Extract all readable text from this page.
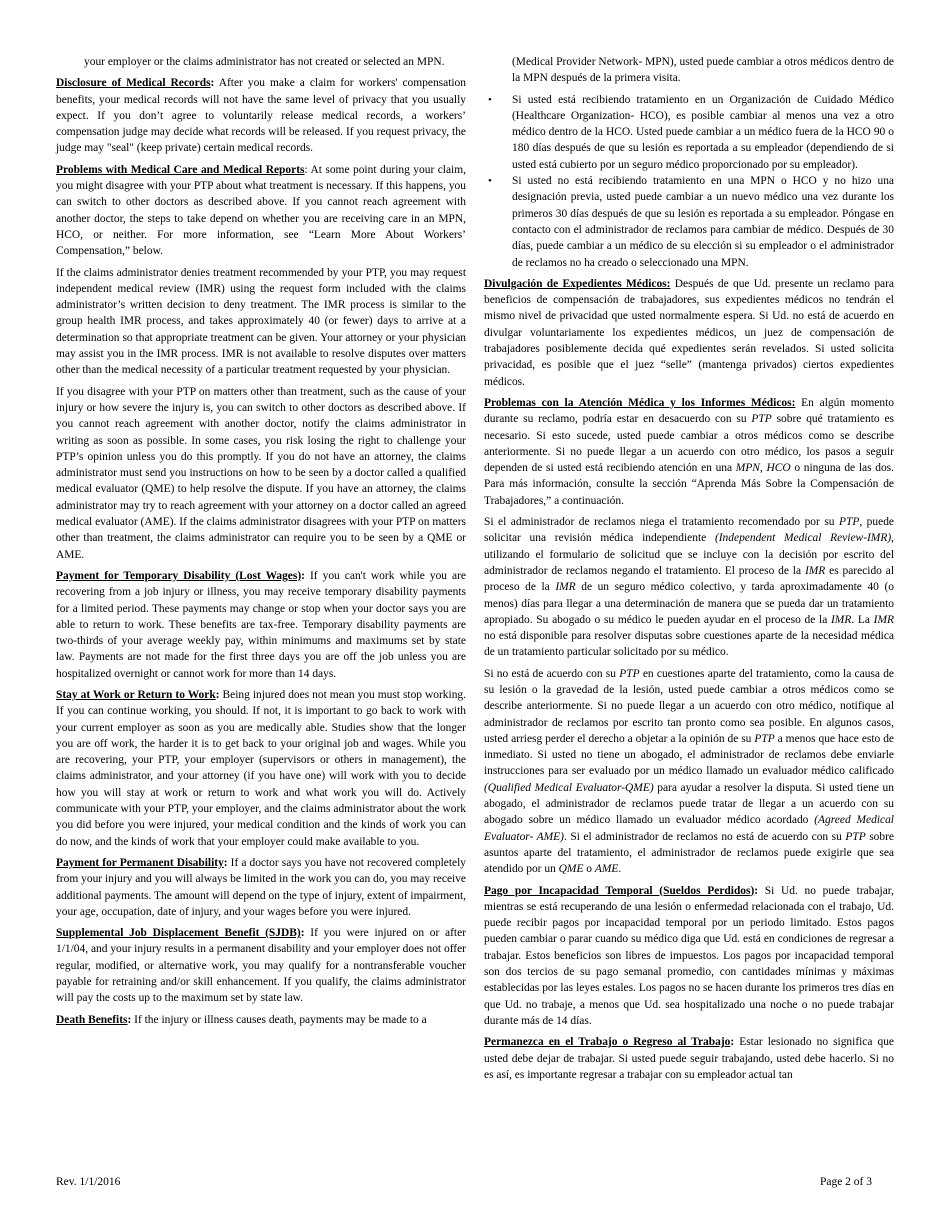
your employer or the claims administrator has not created or selected an MPN.

Disclosure of Medical Records: After you make a claim for workers' compensation benefits, your medical records will not have the same level of privacy that you usually expect. If you don’t agree to voluntarily release medical records, a workers’ compensation judge may decide what records will be released. If you request privacy, the judge may "seal" (keep private) certain medical records.

Problems with Medical Care and Medical Reports: At some point during your claim, you might disagree with your PTP about what treatment is necessary. If this happens, you can switch to other doctors as described above. If you cannot reach agreement with another doctor, the steps to take depend on whether you are receiving care in an MPN, HCO, or neither. For more information, see “Learn More About Workers’ Compensation,” below.

If the claims administrator denies treatment recommended by your PTP, you may request independent medical review (IMR) using the request form included with the claims administrator’s written decision to deny treatment. The IMR process is similar to the group health IMR process, and takes approximately 40 (or fewer) days to arrive at a determination so that appropriate treatment can be given. Your attorney or your physician may assist you in the IMR process. IMR is not available to resolve disputes over matters other than the medical necessity of a particular treatment requested by your physician.

If you disagree with your PTP on matters other than treatment, such as the cause of your injury or how severe the injury is, you can switch to other doctors as described above. If you cannot reach agreement with another doctor, notify the claims administrator in writing as soon as possible. In some cases, you risk losing the right to challenge your PTP’s opinion unless you do this promptly. If you do not have an attorney, the claims administrator must send you instructions on how to be seen by a doctor called a qualified medical evaluator (QME) to help resolve the dispute. If you have an attorney, the claims administrator may try to reach agreement with your attorney on a doctor called an agreed medical evaluator (AME). If the claims administrator disagrees with your PTP on matters other than treatment, the claims administrator can require you to be seen by a QME or AME.

Payment for Temporary Disability (Lost Wages): If you can't work while you are recovering from a job injury or illness, you may receive temporary disability payments for a limited period. These payments may change or stop when your doctor says you are able to return to work. These benefits are tax-free. Temporary disability payments are two-thirds of your average weekly pay, within minimums and maximums set by state law. Payments are not made for the first three days you are off the job unless you are hospitalized overnight or cannot work for more than 14 days.

Stay at Work or Return to Work: Being injured does not mean you must stop working. If you can continue working, you should. If not, it is important to go back to work with your current employer as soon as you are medically able. Studies show that the longer you are off work, the harder it is to get back to your original job and wages. While you are recovering, your PTP, your employer (supervisors or others in management), the claims administrator, and your attorney (if you have one) will work with you to decide how you will stay at work or return to work and what work you will do. Actively communicate with your PTP, your employer, and the claims administrator about the work you did before you were injured, your medical condition and the kinds of work you can do now, and the kinds of work that your employer could make available to you.

Payment for Permanent Disability: If a doctor says you have not recovered completely from your injury and you will always be limited in the work you can do, you may receive additional payments. The amount will depend on the type of injury, extent of impairment, your age, occupation, date of injury, and your wages before you were injured.

Supplemental Job Displacement Benefit (SJDB): If you were injured on or after 1/1/04, and your injury results in a permanent disability and your employer does not offer regular, modified, or alternative work, you may qualify for a nontransferable voucher payable for retraining and/or skill enhancement. If you qualify, the claims administrator will pay the costs up to the maximum set by state law.

Death Benefits: If the injury or illness causes death, payments may be made to a

(Medical Provider Network- MPN), usted puede cambiar a otros médicos dentro de la MPN después de la primera visita.

• Si usted está recibiendo tratamiento en un Organización de Cuidado Médico (Healthcare Organization- HCO), es posible cambiar al menos una vez a otro médico dentro de la HCO. Usted puede cambiar a un médico fuera de la HCO 90 o 180 días después de que su lesión es reportada a su empleador (dependiendo de si usted está cubierto por un seguro médico proporcionado por su empleador).
• Si usted no está recibiendo tratamiento en una MPN o HCO y no hizo una designación previa, usted puede cambiar a un nuevo médico una vez durante los primeros 30 días después de que su lesión es reportada a su empleador. Póngase en contacto con el administrador de reclamos para cambiar de médico. Después de 30 días, puede cambiar a un médico de su elección si su empleador o el administrador de reclamos no ha creado o seleccionado una MPN.

Divulgación de Expedientes Médicos: Después de que Ud. presente un reclamo para beneficios de compensación de trabajadores, sus expedientes médicos no tendrán el mismo nivel de privacidad que usted normalmente espera. Si Ud. no está de acuerdo en divulgar voluntariamente los expedientes médicos, un juez de compensación de trabajadores posiblemente decida qué expedientes serán revelados. Si usted solicita privacidad, es posible que el juez “selle” (mantenga privados) ciertos expedientes médicos.

Problemas con la Atención Médica y los Informes Médicos: En algún momento durante su reclamo, podría estar en desacuerdo con su PTP sobre qué tratamiento es necesario. Si esto sucede, usted puede cambiar a otros médicos como se describe anteriormente. Si no puede llegar a un acuerdo con otro médico, los pasos a seguir dependen de si usted está recibiendo atención en una MPN, HCO o ninguna de las dos. Para más información, consulte la sección “Aprenda Más Sobre la Compensación de Trabajadores,” a continuación.

Si el administrador de reclamos niega el tratamiento recomendado por su PTP, puede solicitar una revisión médica independiente (Independent Medical Review-IMR), utilizando el formulario de solicitud que se incluye con la decisión por escrito del administrador de reclamos negando el tratamiento. El proceso de la IMR es parecido al proceso de la IMR de un seguro médico colectivo, y tarda aproximadamente 40 (o menos) días para llegar a una determinación de manera que se pueda dar un tratamiento apropiado. Su abogado o su médico le pueden ayudar en el proceso de la IMR. La IMR no está disponible para resolver disputas sobre cuestiones aparte de la necesidad médica de un tratamiento particular solicitado por su médico.

Si no está de acuerdo con su PTP en cuestiones aparte del tratamiento, como la causa de su lesión o la gravedad de la lesión, usted puede cambiar a otros médicos como se describe anteriormente. Si no puede llegar a un acuerdo con otro médico, notifique al administrador de reclamos por escrito tan pronto como sea posible. En algunos casos, usted arriesg perder el derecho a objetar a la opinión de su PTP a menos que hace esto de inmediato. Si usted no tiene un abogado, el administrador de reclamos debe enviarle instrucciones para ser evaluado por un médico llamado un evaluador médico calificado (Qualified Medical Evaluator-QME) para ayudar a resolver la disputa. Si usted tiene un abogado, el administrador de reclamos puede tratar de llegar a un acuerdo con su abogado sobre un médico llamado un evaluador médico acordado (Agreed Medical Evaluator- AME). Si el administrador de reclamos no está de acuerdo con su PTP sobre asuntos aparte del tratamiento, el administrador de reclamos puede exigirle que sea atendido por un QME o AME.

Pago por Incapacidad Temporal (Sueldos Perdidos): Si Ud. no puede trabajar, mientras se está recuperando de una lesión o enfermedad relacionada con el trabajo, Ud. puede recibir pagos por incapacidad temporal por un periodo limitado. Estos pagos pueden cambiar o parar cuando su médico diga que Ud. está en condiciones de regresar a trabajar. Estos beneficios son libres de impuestos. Los pagos por incapacidad temporal son dos tercios de su pago semanal promedio, con cantidades mínimas y máximas establecidas por las leyes estales. Los pagos no se hacen durante los primeros tres días en que Ud. no trabaje, a menos que Ud. sea hospitalizado una noche o no puede trabajar durante más de 14 días.

Permanezca en el Trabajo o Regreso al Trabajo: Estar lesionado no significa que usted debe dejar de trabajar. Si usted puede seguir trabajando, usted debe hacerlo. Si no es así, es importante regresar a trabajar con su empleador actual tan

Rev. 1/1/2016	Page 2 of 3
